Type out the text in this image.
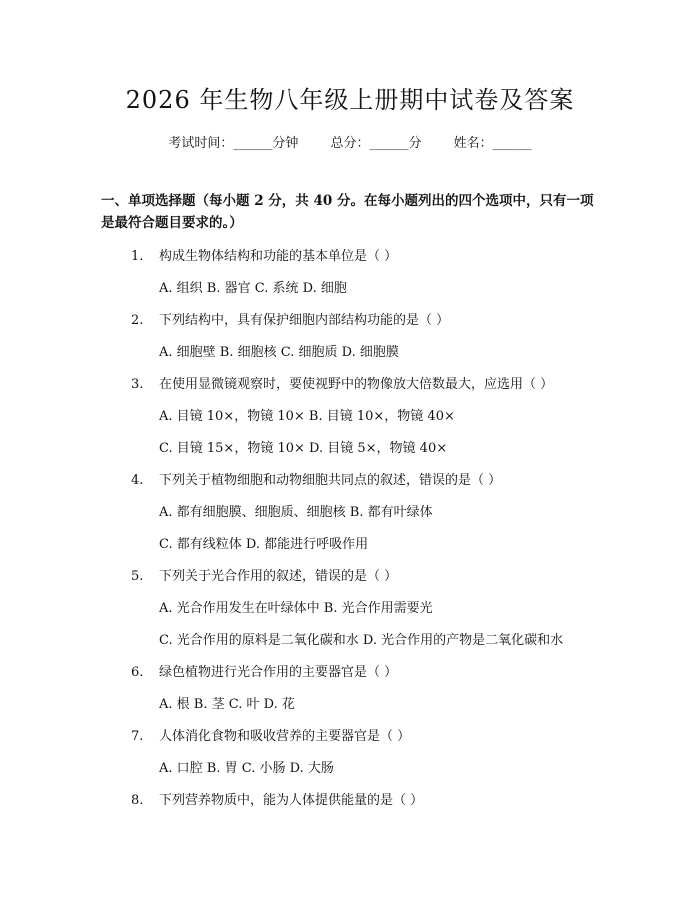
2026 年生物八年级上册期中试卷及答案
考试时间：______分钟 总分：______分 姓名：______
一、单项选择题（每小题 2 分，共 40 分。在每小题列出的四个选项中，只有一项
是最符合题目要求的。）
1. 构成生物体结构和功能的基本单位是（ ）
A. 组织 B. 器官 C. 系统 D. 细胞
2. 下列结构中，具有保护细胞内部结构功能的是（ ）
A. 细胞壁 B. 细胞核 C. 细胞质 D. 细胞膜
3. 在使用显微镜观察时，要使视野中的物像放大倍数最大，应选用（ ）
A. 目镜 10×，物镜 10× B. 目镜 10×，物镜 40×
C. 目镜 15×，物镜 10× D. 目镜 5×，物镜 40×
4. 下列关于植物细胞和动物细胞共同点的叙述，错误的是（ ）
A. 都有细胞膜、细胞质、细胞核 B. 都有叶绿体
C. 都有线粒体 D. 都能进行呼吸作用
5. 下列关于光合作用的叙述，错误的是（ ）
A. 光合作用发生在叶绿体中 B. 光合作用需要光
C. 光合作用的原料是二氧化碳和水 D. 光合作用的产物是二氧化碳和水
6. 绿色植物进行光合作用的主要器官是（ ）
A. 根 B. 茎 C. 叶 D. 花
7. 人体消化食物和吸收营养的主要器官是（ ）
A. 口腔 B. 胃 C. 小肠 D. 大肠
8. 下列营养物质中，能为人体提供能量的是（ ）
